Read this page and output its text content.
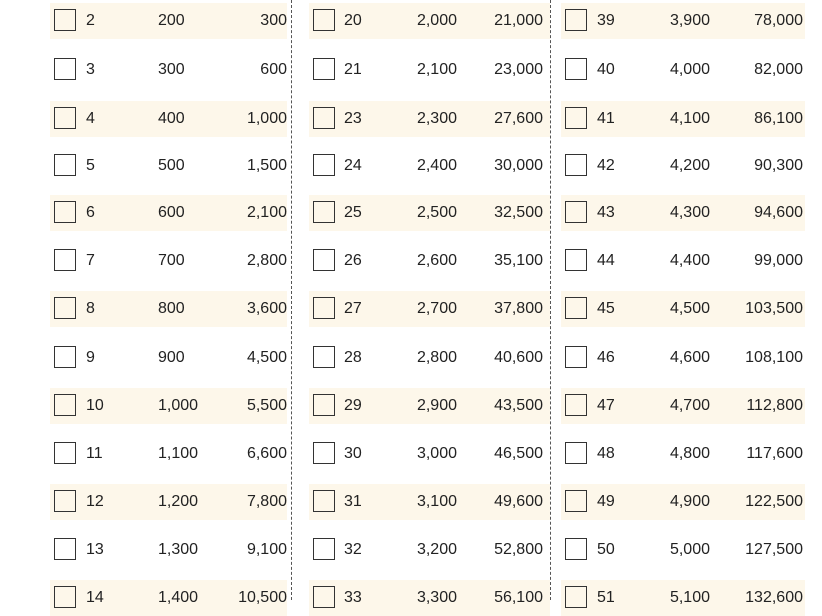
2	200	300
3	300	600
4	400	1,000
5	500	1,500
6	600	2,100
7	700	2,800
8	800	3,600
9	900	4,500
10	1,000	5,500
11	1,100	6,600
12	1,200	7,800
13	1,300	9,100
14	1,400	10,500
20	2,000 21,000
21	2,100 23,000
23	2,300 27,600
24	2,400 30,000
25	2,500 32,500
26	2,600 35,100
27	2,700 37,800
28	2,800 40,600
29	2,900 43,500
30	3,000 46,500
31	3,100 49,600
32	3,200 52,800
33	3,300 56,100
39	3,900	78,000
40	4,000	82,000
41	4,100	86,100
42	4,200	90,300
43	4,300	94,600
44	4,400	99,000
45	4,500 103,500
46	4,600 108,100
47	4,700 112,800
48	4,800 117,600
49	4,900 122,500
50	5,000 127,500
51	5,100 132,600
